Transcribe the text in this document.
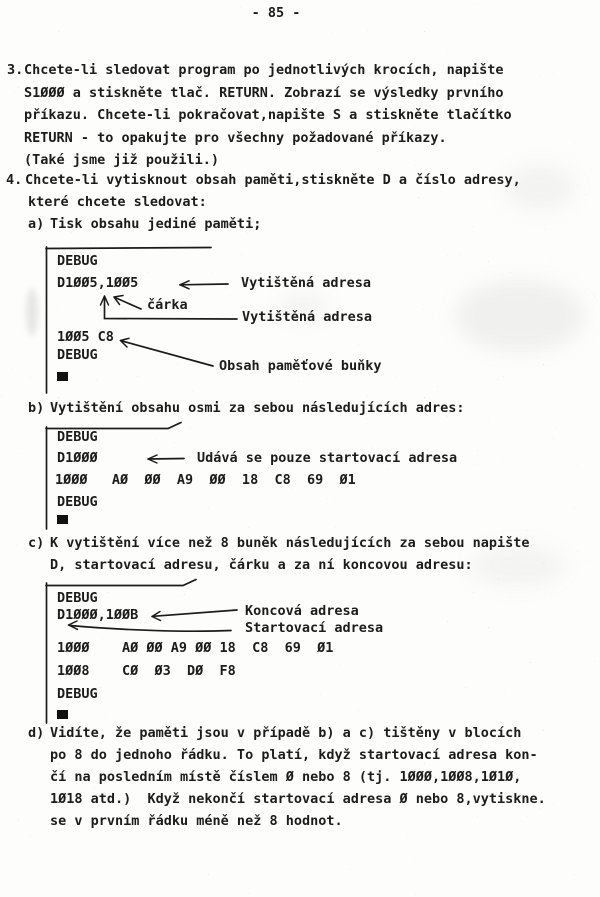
- 85 -
3. Chcete-li sledovat program po jednotlivých krocích, napište
S1ØØØ a stiskněte tlač. RETURN. Zobrazí se výsledky prvního
příkazu. Chcete-li pokračovat,napište S a stiskněte tlačítko
RETURN - to opakujte pro všechny požadované příkazy.
(Také jsme již použili.)
4. Chcete-li vytisknout obsah paměti,stiskněte D a číslo adresy,
které chcete sledovat:
a) Tisk obsahu jediné paměti;
DEBUG
D1ØØ5,1ØØ5	Vytištěná adresa
čárka
Vytištěná adresa
1ØØ5 C8
DEBUG
Obsah paměťové buňky
b) Vytištění obsahu osmi za sebou následujících adres:
DEBUG
D1ØØØ	Udává se pouze startovací adresa
1ØØØ   AØ  ØØ  A9  ØØ  18  C8  69  Ø1
DEBUG
c) K vytištění více než 8 buněk následujících za sebou napište
D, startovací adresu, čárku a za ní koncovou adresu:
DEBUG
D1ØØØ,1ØØB	Koncová adresa
Startovací adresa
1ØØØ    AØ ØØ A9 ØØ 18  C8  69  Ø1
1ØØ8    CØ  Ø3  DØ  F8
DEBUG
d) Vidíte, že paměti jsou v případě b) a c) tištěny v blocích
po 8 do jednoho řádku. To platí, když startovací adresa kon-
čí na posledním místě číslem Ø nebo 8 (tj. 1ØØØ,1ØØ8,1Ø1Ø,
1Ø18 atd.)  Když nekončí startovací adresa Ø nebo 8,vytiskne.
se v prvním řádku méně než 8 hodnot.
